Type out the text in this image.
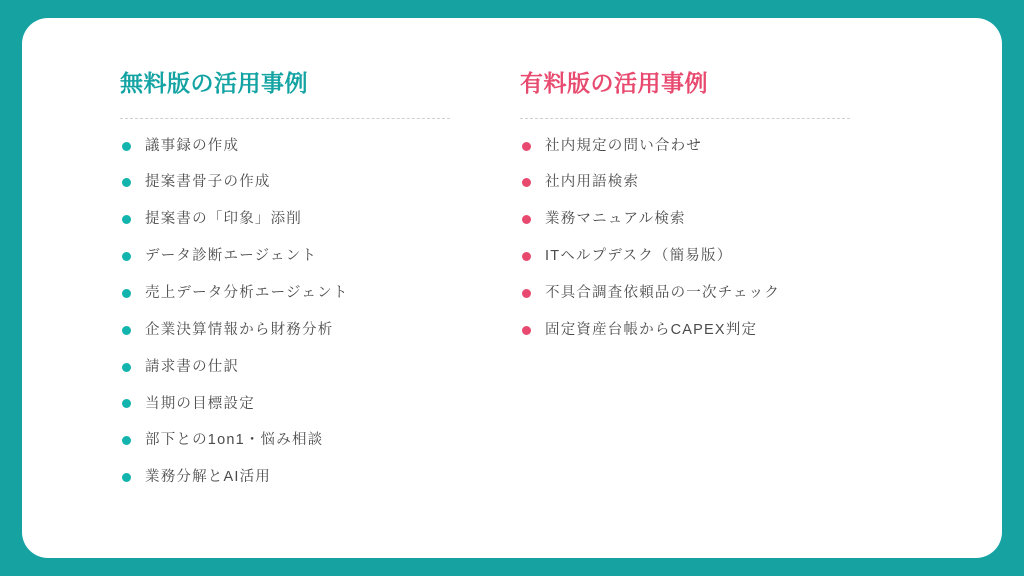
無料版の活用事例
議事録の作成
提案書骨子の作成
提案書の「印象」添削
データ診断エージェント
売上データ分析エージェント
企業決算情報から財務分析
請求書の仕訳
当期の目標設定
部下との1on1・悩み相談
業務分解とAI活用
有料版の活用事例
社内規定の問い合わせ
社内用語検索
業務マニュアル検索
ITヘルプデスク（簡易版）
不具合調査依頼品の一次チェック
固定資産台帳からCAPEX判定
